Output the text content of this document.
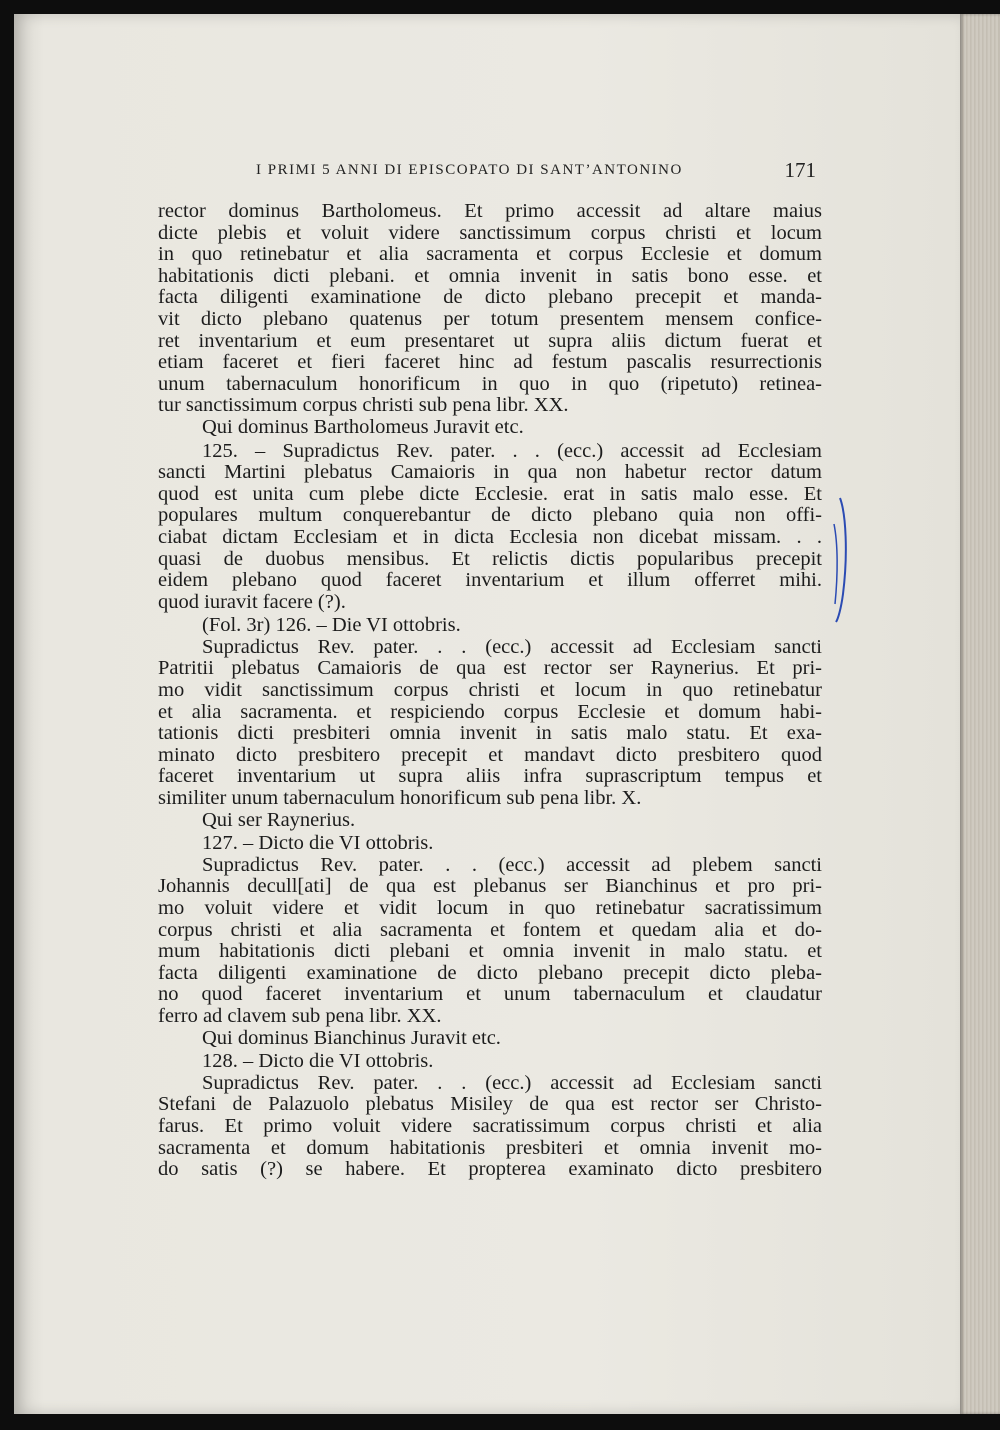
I PRIMI 5 ANNI DI EPISCOPATO DI SANT’ANTONINO	171
rector dominus Bartholomeus. Et primo accessit ad altare maius
dicte plebis et voluit videre sanctissimum corpus christi et locum
in quo retinebatur et alia sacramenta et corpus Ecclesie et domum
habitationis dicti plebani. et omnia invenit in satis bono esse. et
facta diligenti examinatione de dicto plebano precepit et manda-
vit dicto plebano quatenus per totum presentem mensem confice-
ret inventarium et eum presentaret ut supra aliis dictum fuerat et
etiam faceret et fieri faceret hinc ad festum pascalis resurrectionis
unum tabernaculum honorificum in quo in quo (ripetuto) retinea-
tur sanctissimum corpus christi sub pena libr. XX.
Qui dominus Bartholomeus Juravit etc.
125. – Supradictus Rev. pater. . . (ecc.) accessit ad Ecclesiam
sancti Martini plebatus Camaioris in qua non habetur rector datum
quod est unita cum plebe dicte Ecclesie. erat in satis malo esse. Et
populares multum conquerebantur de dicto plebano quia non offi-
ciabat dictam Ecclesiam et in dicta Ecclesia non dicebat missam. . .
quasi de duobus mensibus. Et relictis dictis popularibus precepit
eidem plebano quod faceret inventarium et illum offerret mihi.
quod iuravit facere (?).
(Fol. 3r) 126. – Die VI ottobris.
Supradictus Rev. pater. . . (ecc.) accessit ad Ecclesiam sancti
Patritii plebatus Camaioris de qua est rector ser Raynerius. Et pri-
mo vidit sanctissimum corpus christi et locum in quo retinebatur
et alia sacramenta. et respiciendo corpus Ecclesie et domum habi-
tationis dicti presbiteri omnia invenit in satis malo statu. Et exa-
minato dicto presbitero precepit et mandavt dicto presbitero quod
faceret inventarium ut supra aliis infra suprascriptum tempus et
similiter unum tabernaculum honorificum sub pena libr. X.
Qui ser Raynerius.
127. – Dicto die VI ottobris.
Supradictus Rev. pater. . . (ecc.) accessit ad plebem sancti
Johannis decull[ati] de qua est plebanus ser Bianchinus et pro pri-
mo voluit videre et vidit locum in quo retinebatur sacratissimum
corpus christi et alia sacramenta et fontem et quedam alia et do-
mum habitationis dicti plebani et omnia invenit in malo statu. et
facta diligenti examinatione de dicto plebano precepit dicto pleba-
no quod faceret inventarium et unum tabernaculum et claudatur
ferro ad clavem sub pena libr. XX.
Qui dominus Bianchinus Juravit etc.
128. – Dicto die VI ottobris.
Supradictus Rev. pater. . . (ecc.) accessit ad Ecclesiam sancti
Stefani de Palazuolo plebatus Misiley de qua est rector ser Christo-
farus. Et primo voluit videre sacratissimum corpus christi et alia
sacramenta et domum habitationis presbiteri et omnia invenit mo-
do satis (?) se habere. Et propterea examinato dicto presbitero
